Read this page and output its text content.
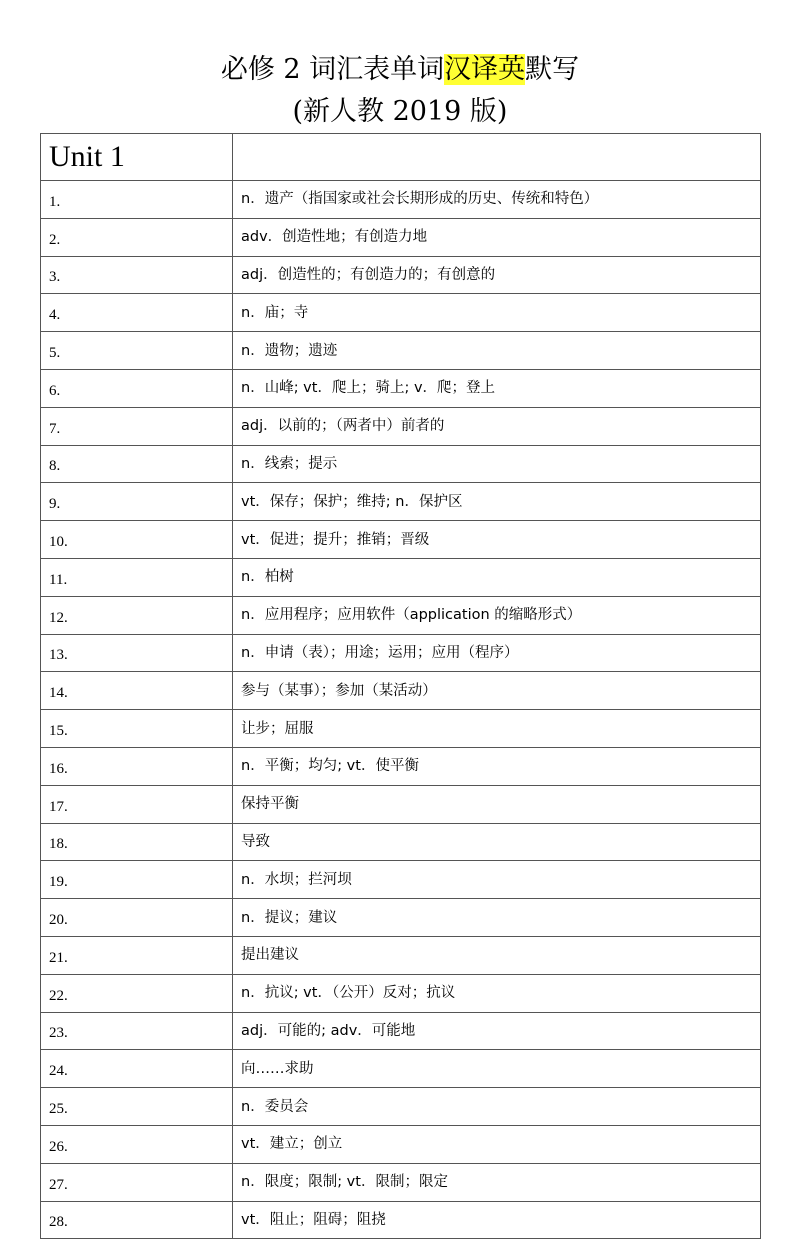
必修 2 词汇表单词汉译英默写
(新人教 2019 版)
Unit 1	
1.	n．遗产（指国家或社会长期形成的历史、传统和特色）
2.	adv．创造性地；有创造力地
3.	adj．创造性的；有创造力的；有创意的
4.	n．庙；寺
5.	n．遗物；遗迹
6.	n．山峰; vt．爬上；骑上; v．爬；登上
7.	adj．以前的；（两者中）前者的
8.	n．线索；提示
9.	vt．保存；保护；维持; n．保护区
10.	vt．促进；提升；推销；晋级
11.	n．柏树
12.	n．应用程序；应用软件（application 的缩略形式）
13.	n．申请（表）；用途；运用；应用（程序）
14.	参与（某事）；参加（某活动）
15.	让步；屈服
16.	n．平衡；均匀; vt．使平衡
17.	保持平衡
18.	导致
19.	n．水坝；拦河坝
20.	n．提议；建议
21.	提出建议
22.	n．抗议; vt．（公开）反对；抗议
23.	adj．可能的; adv．可能地
24.	向……求助
25.	n．委员会
26.	vt．建立；创立
27.	n．限度；限制; vt．限制；限定
28.	vt．阻止；阻碍；阻挠
